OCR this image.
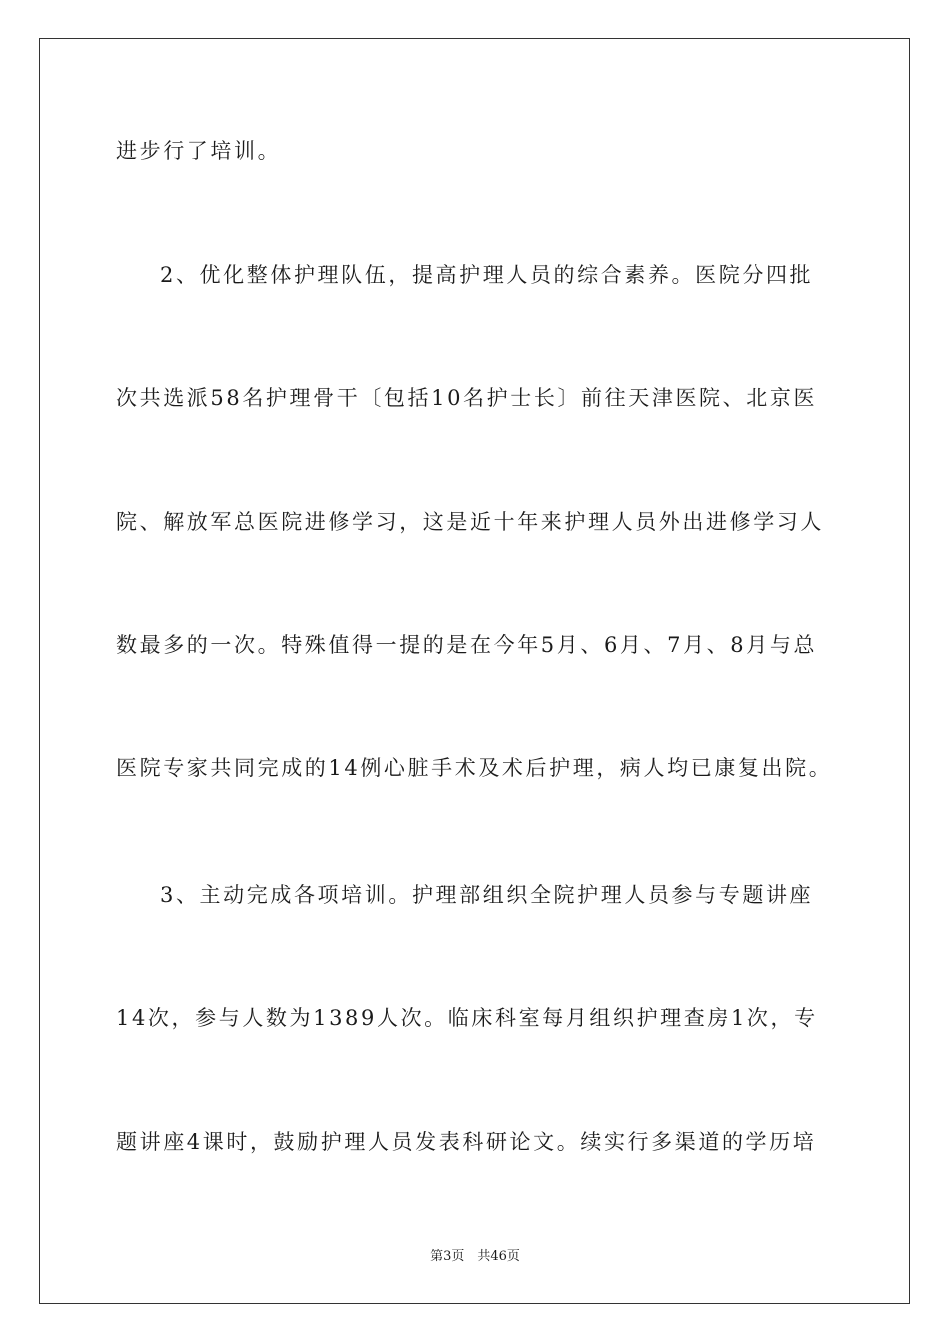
进步行了培训。
2、优化整体护理队伍，提高护理人员的综合素养。医院分四批
次共选派58名护理骨干〔包括10名护士长〕前往天津医院、北京医
院、解放军总医院进修学习，这是近十年来护理人员外出进修学习人
数最多的一次。特殊值得一提的是在今年5月、6月、7月、8月与总
医院专家共同完成的14例心脏手术及术后护理，病人均已康复出院。
3、主动完成各项培训。护理部组织全院护理人员参与专题讲座
14次，参与人数为1389人次。临床科室每月组织护理查房1次，专
题讲座4课时，鼓励护理人员发表科研论文。续实行多渠道的学历培
第3页　共46页
